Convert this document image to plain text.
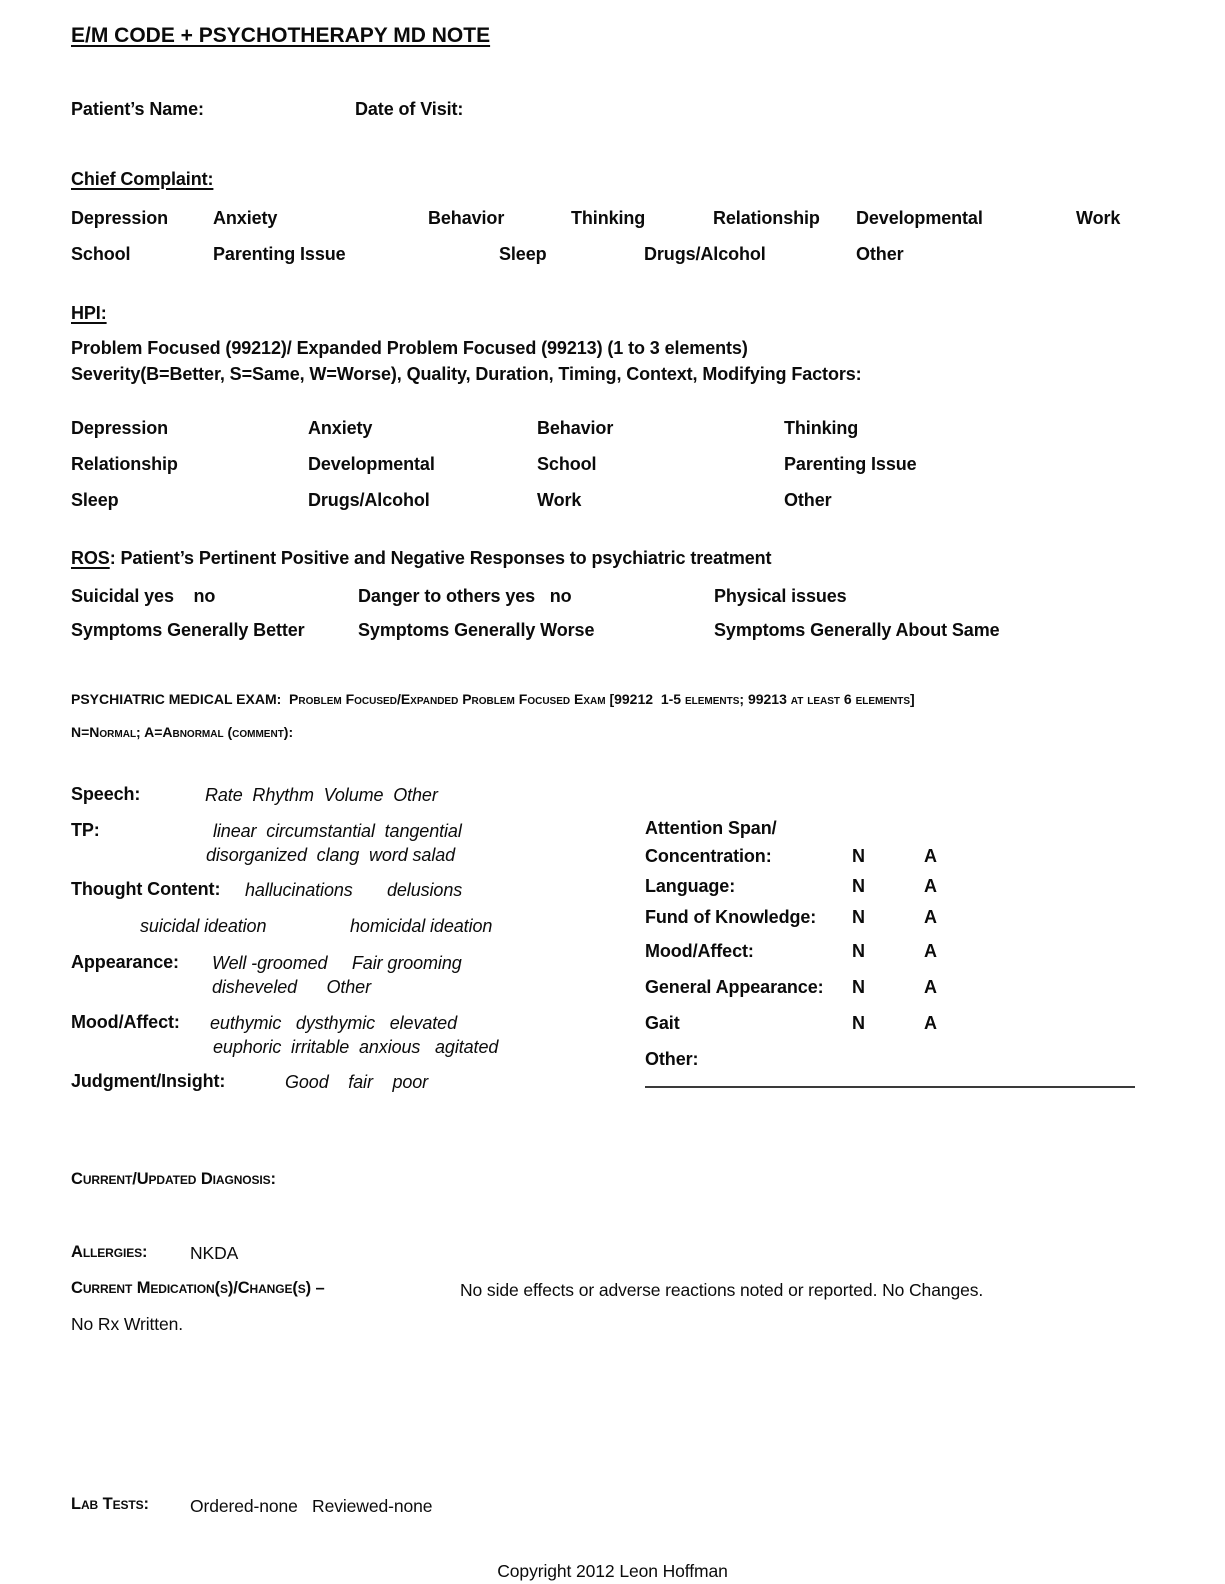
E/M CODE + PSYCHOTHERAPY MD NOTE
Patient’s Name:	Date of Visit:
Chief Complaint:
Depression Anxiety	Behavior	Thinking	Relationship Developmental	Work
School	Parenting Issue	Sleep	Drugs/Alcohol	Other
HPI:
Problem Focused (99212)/ Expanded Problem Focused (99213) (1 to 3 elements)
Severity(B=Better, S=Same, W=Worse), Quality, Duration, Timing, Context, Modifying Factors:
Depression	Anxiety	Behavior	Thinking
Relationship	Developmental	School	Parenting Issue
Sleep	Drugs/Alcohol	Work	Other
ROS: Patient’s Pertinent Positive and Negative Responses to psychiatric treatment
Suicidal yes    no	Danger to others yes   no	Physical issues
Symptoms Generally Better	Symptoms Generally Worse	Symptoms Generally About Same
PSYCHIATRIC MEDICAL EXAM:  Problem Focused/Expanded Problem Focused Exam [99212  1-5 elements; 99213 at least 6 elements]
N=Normal; A=Abnormal (comment):
Speech:	Rate  Rhythm  Volume  Other
TP:	linear  circumstantial  tangential
disorganized  clang  word salad
Thought Content: hallucinations       delusions
suicidal ideation	homicidal ideation
Appearance: Well -groomed     Fair grooming
disheveled      Other
Mood/Affect: euthymic   dysthymic   elevated
euphoric  irritable  anxious   agitated
Judgment/Insight:	Good    fair    poor
Attention Span/
Concentration:	N	A
Language:	N	A
Fund of Knowledge: N	A
Mood/Affect:	N	A
General Appearance: N	A
Gait	N	A
Other:
Current/Updated Diagnosis:
Allergies: NKDA
Current Medication(s)/Change(s) –	No side effects or adverse reactions noted or reported. No Changes.
No Rx Written.
Lab Tests: Ordered-none   Reviewed-none
Copyright 2012 Leon Hoffman
